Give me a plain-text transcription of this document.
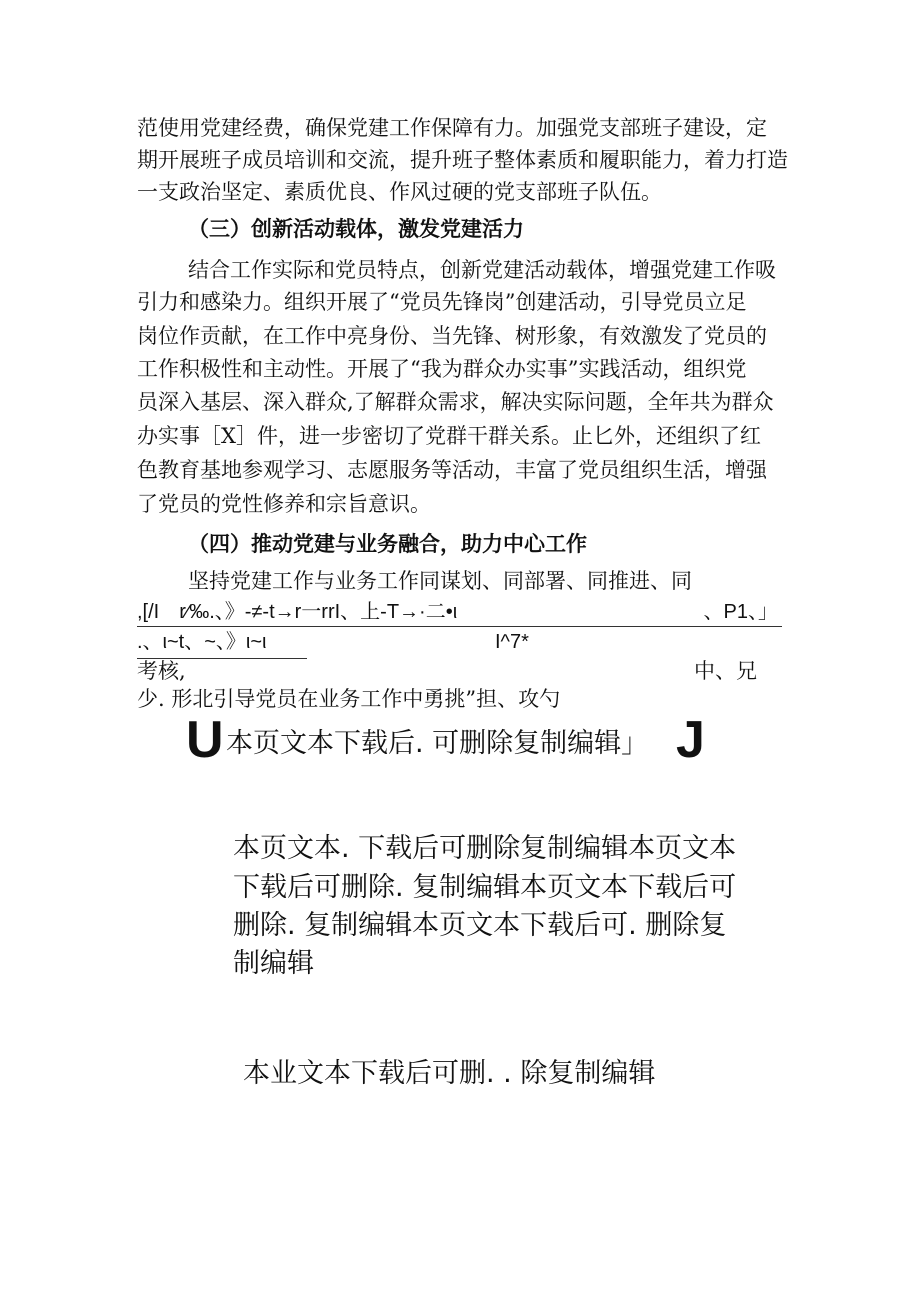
范使用党建经费，确保党建工作保障有力。加强党支部班子建设，定
期开展班子成员培训和交流，提升班子整体素质和履职能力，着力打造
一支政治坚定、素质优良、作风过硬的党支部班子队伍。
（三）创新活动载体，激发党建活力
结合工作实际和党员特点，创新党建活动载体，增强党建工作吸
引力和感染力。组织开展了“党员先锋岗”创建活动，引导党员立足
岗位作贡献，在工作中亮身份、当先锋、树形象，有效激发了党员的
工作积极性和主动性。开展了“我为群众办实事”实践活动，组织党
员深入基层、深入群众,了解群众需求，解决实际问题，全年共为群众
办实事［X］件，进一步密切了党群干群关系。止匕外，还组织了红
色教育基地参观学习、志愿服务等活动，丰富了党员组织生活，增强
了党员的党性修养和宗旨意识。
（四）推动党建与业务融合，助力中心工作
坚持党建工作与业务工作同谋划、同部署、同推进、同
,[/I　r∕‰.、》-≠-t→r一rrI、上-T→·二•ι	、P1、」
.、ι~t、~、》ι~ι	I^7*
考核,	中、兄
少. 形北引导党员在业务工作中勇挑”担、攻勺
U 本页文本下载后. 可删除复制编辑」 J
本页文本. 下载后可删除复制编辑本页文本
下载后可删除. 复制编辑本页文本下载后可
删除. 复制编辑本页文本下载后可. 删除复
制编辑
本业文本下载后可删. . 除复制编辑
